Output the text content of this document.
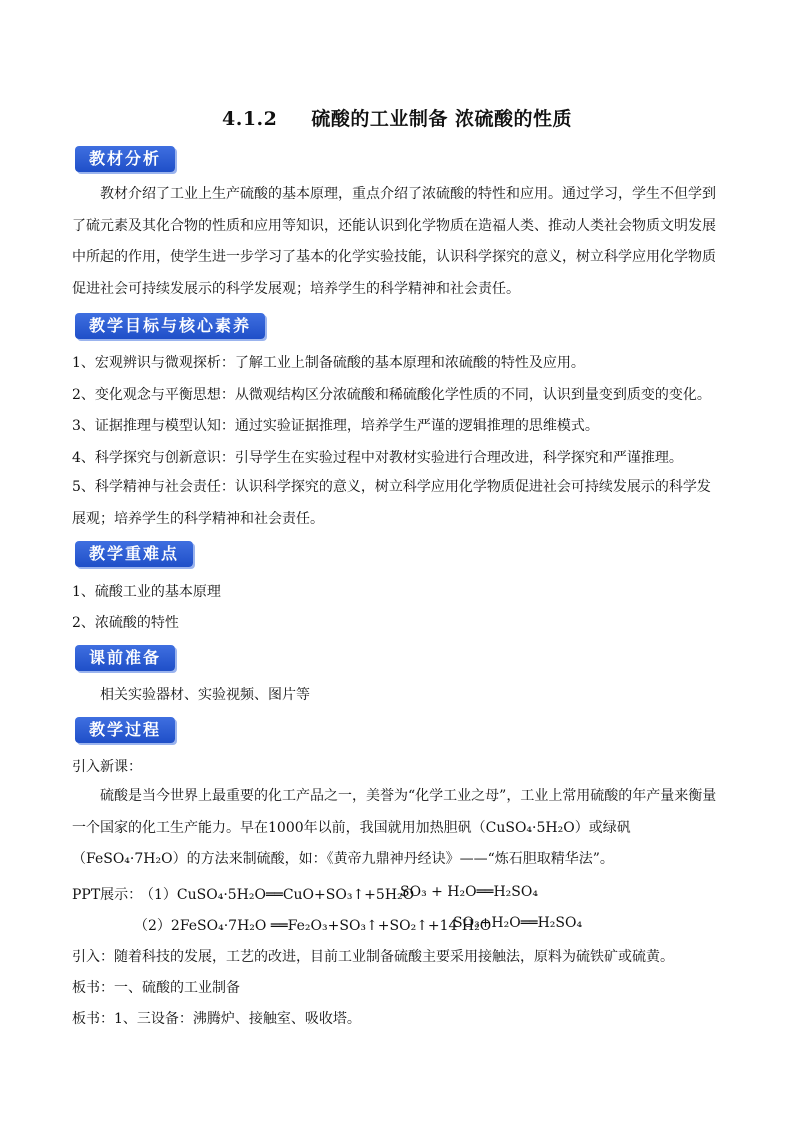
4.1.2 硫酸的工业制备 浓硫酸的性质
教材分析
教材介绍了工业上生产硫酸的基本原理，重点介绍了浓硫酸的特性和应用。通过学习，学生不但学到了硫元素及其化合物的性质和应用等知识，还能认识到化学物质在造福人类、推动人类社会物质文明发展中所起的作用，使学生进一步学习了基本的化学实验技能，认识科学探究的意义，树立科学应用化学物质促进社会可持续发展示的科学发展观；培养学生的科学精神和社会责任。
教学目标与核心素养
1、宏观辨识与微观探析：了解工业上制备硫酸的基本原理和浓硫酸的特性及应用。
2、变化观念与平衡思想：从微观结构区分浓硫酸和稀硫酸化学性质的不同，认识到量变到质变的变化。
3、证据推理与模型认知：通过实验证据推理，培养学生严谨的逻辑推理的思维模式。
4、科学探究与创新意识：引导学生在实验过程中对教材实验进行合理改进，科学探究和严谨推理。
5、科学精神与社会责任：认识科学探究的意义，树立科学应用化学物质促进社会可持续发展示的科学发展观；培养学生的科学精神和社会责任。
教学重难点
1、硫酸工业的基本原理
2、浓硫酸的特性
课前准备
相关实验器材、实验视频、图片等
教学过程
引入新课：
硫酸是当今世界上最重要的化工产品之一，美誉为“化学工业之母”，工业上常用硫酸的年产量来衡量一个国家的化工生产能力。早在1000年以前，我国就用加热胆矾（CuSO₄·5H₂O）或绿矾（FeSO₄·7H₂O）的方法来制硫酸，如：《黄帝九鼎神丹经诀》——“炼石胆取精华法”。
PPT展示：
（1）CuSO₄·5H₂O══CuO+SO₃↑+5H₂O
SO₃ + H₂O══H₂SO₄
（2）2FeSO₄·7H₂O ══Fe₂O₃+SO₃↑+SO₂↑+14 H₂O
SO₃+H₂O══H₂SO₄
引入：随着科技的发展，工艺的改进，目前工业制备硫酸主要采用接触法，原料为硫铁矿或硫黄。
板书：一、硫酸的工业制备
板书：1、三设备：沸腾炉、接触室、吸收塔。
